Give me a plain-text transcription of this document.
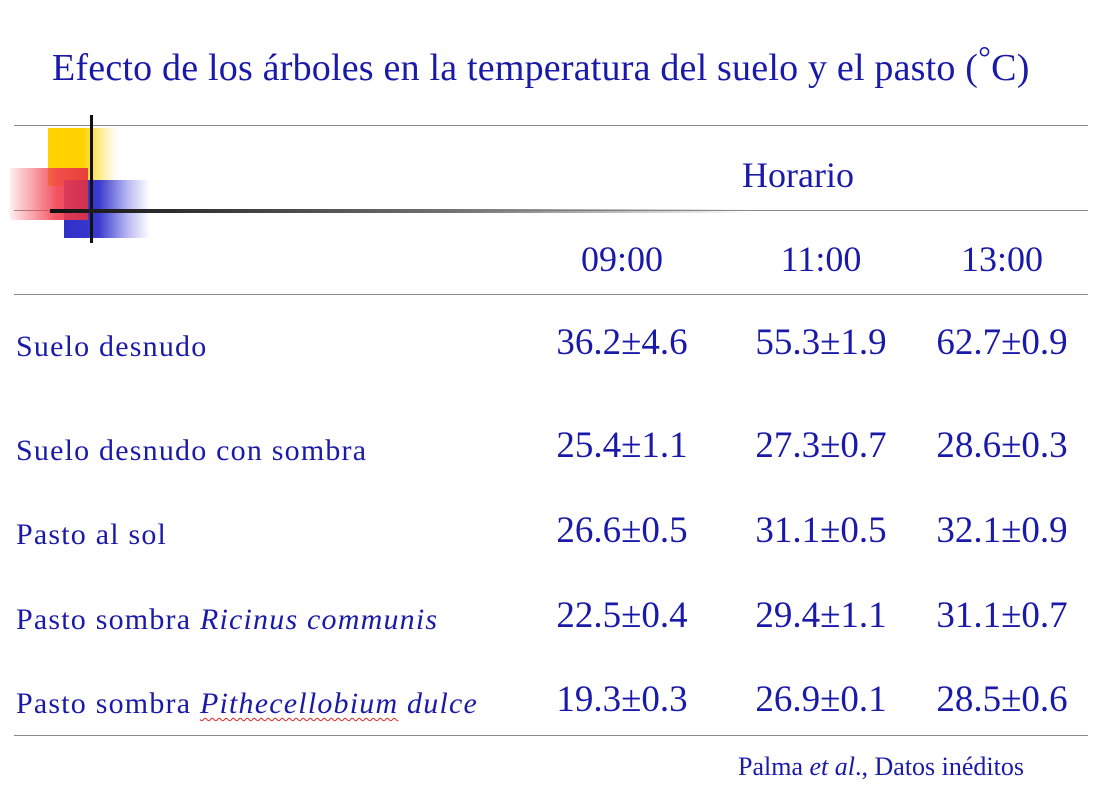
Efecto de los árboles en la temperatura del suelo y el pasto (°C)
Horario
09:00	11:00	13:00
Suelo desnudo	36.2±4.6	55.3±1.9	62.7±0.9
Suelo desnudo con sombra	25.4±1.1	27.3±0.7	28.6±0.3
Pasto al sol	26.6±0.5	31.1±0.5	32.1±0.9
Pasto sombra Ricinus communis	22.5±0.4	29.4±1.1	31.1±0.7
Pasto sombra Pithecellobium dulce	19.3±0.3	26.9±0.1	28.5±0.6
Palma et al., Datos inéditos
